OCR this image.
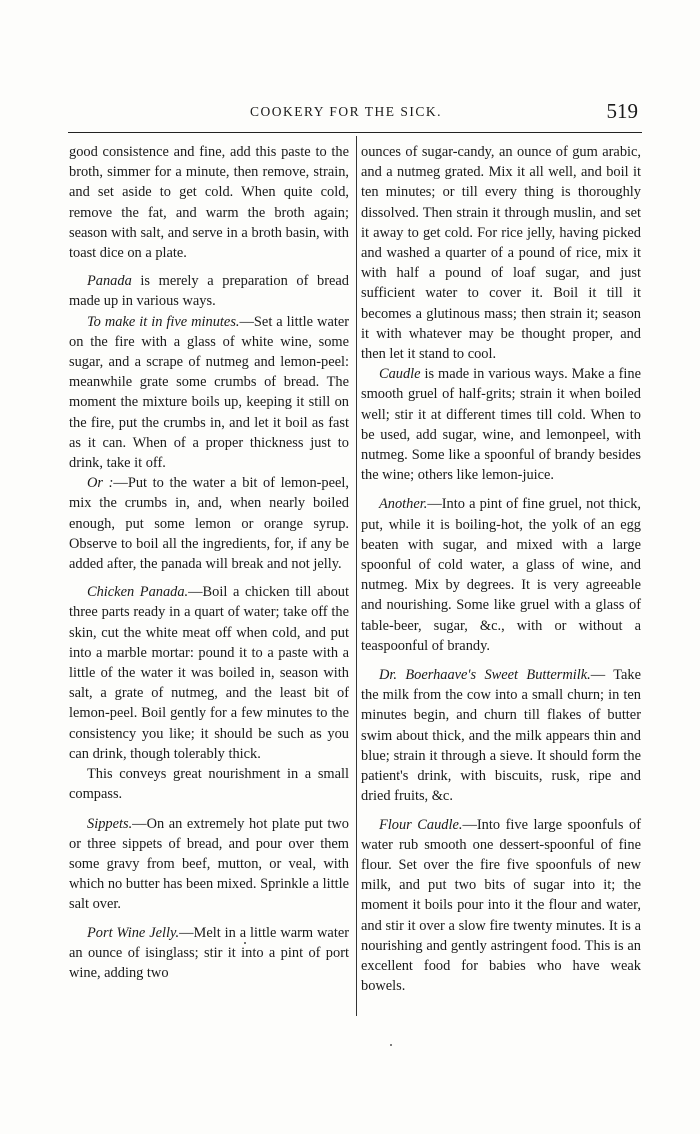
COOKERY FOR THE SICK.	519

good consistence and fine, add this paste to the broth, simmer for a minute, then remove, strain, and set aside to get cold. When quite cold, remove the fat, and warm the broth again; season with salt, and serve in a broth basin, with toast dice on a plate.

Panada is merely a preparation of bread made up in various ways.

To make it in five minutes.—Set a little water on the fire with a glass of white wine, some sugar, and a scrape of nutmeg and lemon-peel: meanwhile grate some crumbs of bread. The moment the mixture boils up, keeping it still on the fire, put the crumbs in, and let it boil as fast as it can. When of a proper thickness just to drink, take it off.

Or :—Put to the water a bit of lemon-peel, mix the crumbs in, and, when nearly boiled enough, put some lemon or orange syrup. Observe to boil all the ingredients, for, if any be added after, the panada will break and not jelly.

Chicken Panada.—Boil a chicken till about three parts ready in a quart of water; take off the skin, cut the white meat off when cold, and put into a marble mortar: pound it to a paste with a little of the water it was boiled in, season with salt, a grate of nutmeg, and the least bit of lemon-peel. Boil gently for a few minutes to the consistency you like; it should be such as you can drink, though tolerably thick.

This conveys great nourishment in a small compass.

Sippets.—On an extremely hot plate put two or three sippets of bread, and pour over them some gravy from beef, mutton, or veal, with which no butter has been mixed. Sprinkle a little salt over.

Port Wine Jelly.—Melt in a little warm water an ounce of isinglass; stir it into a pint of port wine, adding two

ounces of sugar-candy, an ounce of gum arabic, and a nutmeg grated. Mix it all well, and boil it ten minutes; or till every thing is thoroughly dissolved. Then strain it through muslin, and set it away to get cold. For rice jelly, having picked and washed a quarter of a pound of rice, mix it with half a pound of loaf sugar, and just sufficient water to cover it. Boil it till it becomes a glutinous mass; then strain it; season it with whatever may be thought proper, and then let it stand to cool.

Caudle is made in various ways. Make a fine smooth gruel of half-grits; strain it when boiled well; stir it at different times till cold. When to be used, add sugar, wine, and lemonpeel, with nutmeg. Some like a spoonful of brandy besides the wine; others like lemon-juice.

Another.—Into a pint of fine gruel, not thick, put, while it is boiling-hot, the yolk of an egg beaten with sugar, and mixed with a large spoonful of cold water, a glass of wine, and nutmeg. Mix by degrees. It is very agreeable and nourishing. Some like gruel with a glass of table-beer, sugar, &c., with or without a teaspoonful of brandy.

Dr. Boerhaave's Sweet Buttermilk.— Take the milk from the cow into a small churn; in ten minutes begin, and churn till flakes of butter swim about thick, and the milk appears thin and blue; strain it through a sieve. It should form the patient's drink, with biscuits, rusk, ripe and dried fruits, &c.

Flour Caudle.—Into five large spoonfuls of water rub smooth one dessert-spoonful of fine flour. Set over the fire five spoonfuls of new milk, and put two bits of sugar into it; the moment it boils pour into it the flour and water, and stir it over a slow fire twenty minutes. It is a nourishing and gently astringent food. This is an excellent food for babies who have weak bowels.
